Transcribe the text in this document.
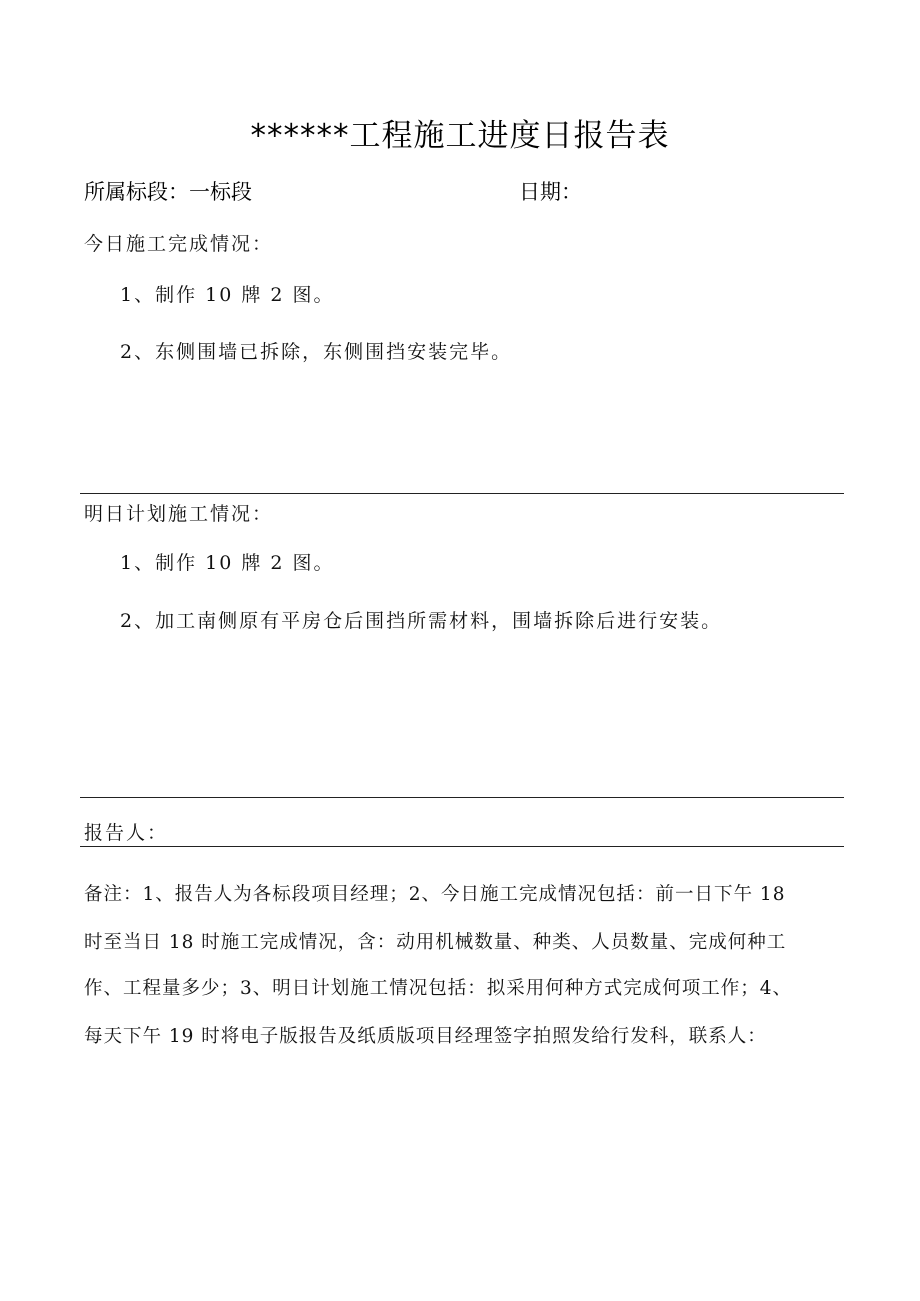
******工程施工进度日报告表
所属标段：一标段	日期：
今日施工完成情况：
1、制作 10 牌 2 图。
2、东侧围墙已拆除，东侧围挡安装完毕。
明日计划施工情况：
1、制作 10 牌 2 图。
2、加工南侧原有平房仓后围挡所需材料，围墙拆除后进行安装。
报告人：
备注：1、报告人为各标段项目经理；2、今日施工完成情况包括：前一日下午 18
时至当日 18 时施工完成情况，含：动用机械数量、种类、人员数量、完成何种工
作、工程量多少；3、明日计划施工情况包括：拟采用何种方式完成何项工作；4、
每天下午 19 时将电子版报告及纸质版项目经理签字拍照发给行发科，联系人：
